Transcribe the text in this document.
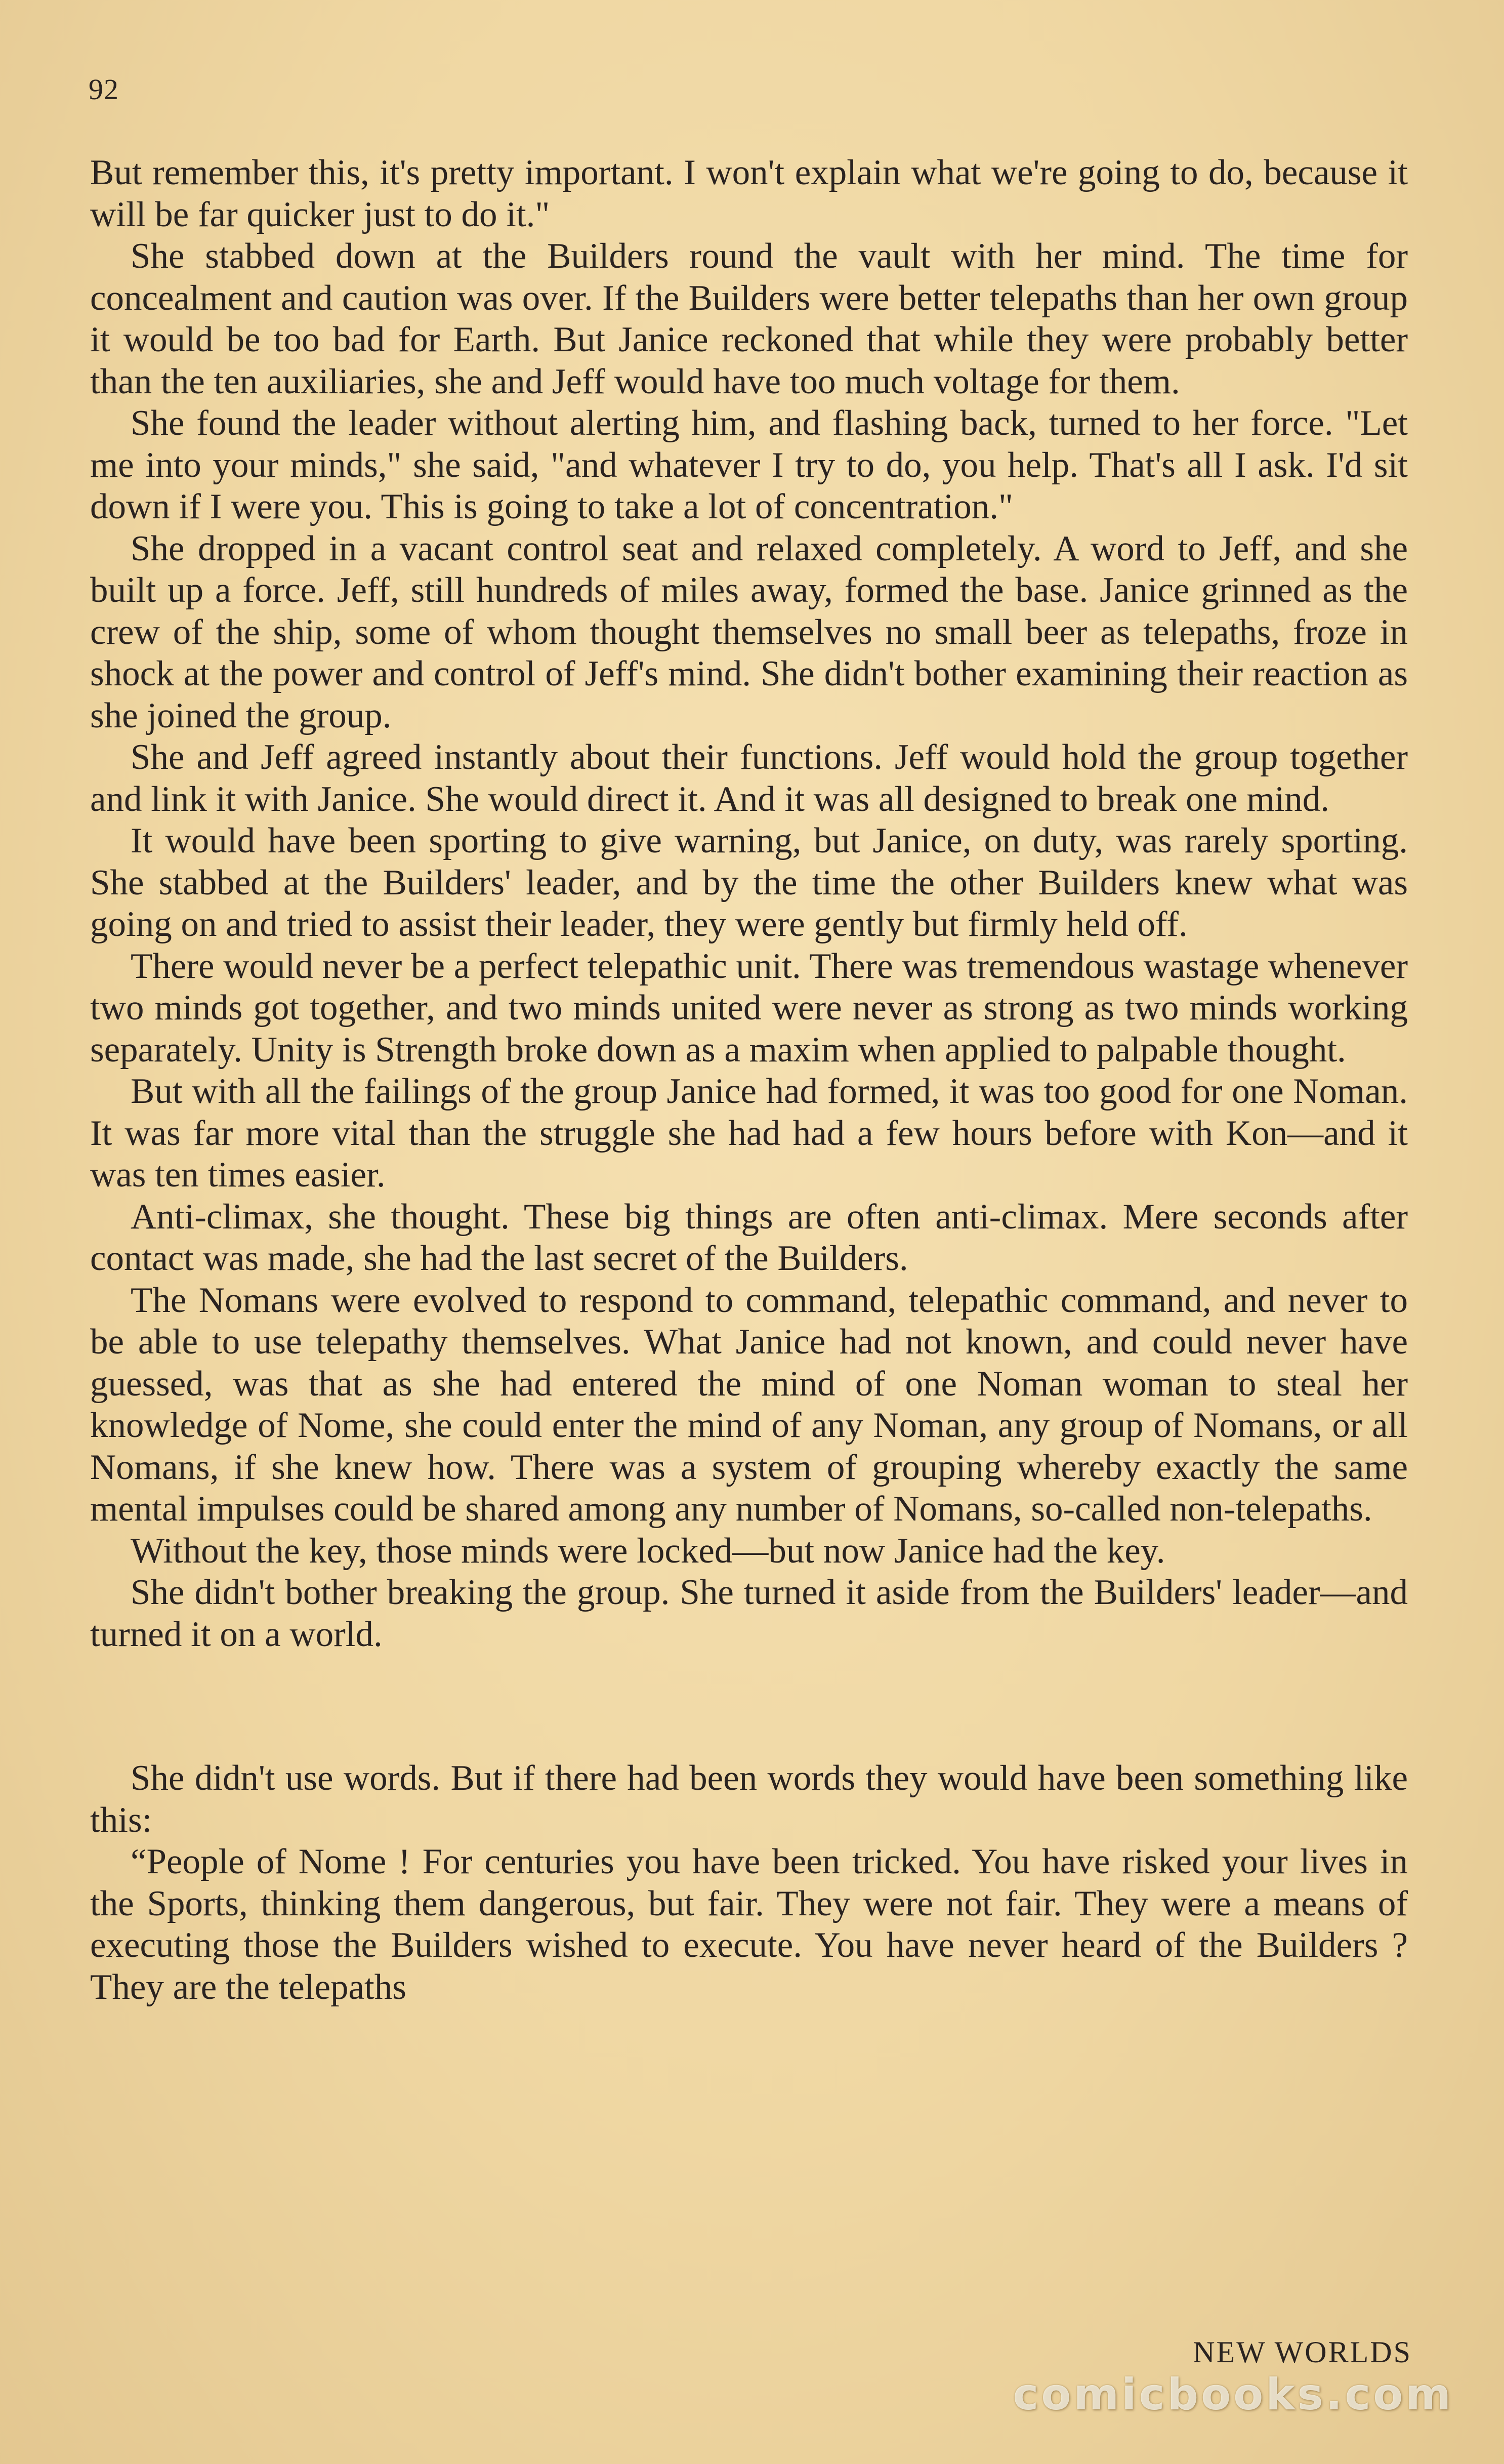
92

But remember this, it's pretty important. I won't explain what we're going to do, because it will be far quicker just to do it."

She stabbed down at the Builders round the vault with her mind. The time for concealment and caution was over. If the Builders were better telepaths than her own group it would be too bad for Earth. But Janice reckoned that while they were probably better than the ten auxiliaries, she and Jeff would have too much voltage for them.

She found the leader without alerting him, and flashing back, turned to her force. "Let me into your minds," she said, "and whatever I try to do, you help. That's all I ask. I'd sit down if I were you. This is going to take a lot of concentration."

She dropped in a vacant control seat and relaxed completely. A word to Jeff, and she built up a force. Jeff, still hundreds of miles away, formed the base. Janice grinned as the crew of the ship, some of whom thought themselves no small beer as telepaths, froze in shock at the power and control of Jeff's mind. She didn't bother examining their reaction as she joined the group.

She and Jeff agreed instantly about their functions. Jeff would hold the group together and link it with Janice. She would direct it. And it was all designed to break one mind.

It would have been sporting to give warning, but Janice, on duty, was rarely sporting. She stabbed at the Builders' leader, and by the time the other Builders knew what was going on and tried to assist their leader, they were gently but firmly held off.

There would never be a perfect telepathic unit. There was tremendous wastage whenever two minds got together, and two minds united were never as strong as two minds working separately. Unity is Strength broke down as a maxim when applied to palpable thought.

But with all the failings of the group Janice had formed, it was too good for one Noman. It was far more vital than the struggle she had had a few hours before with Kon—and it was ten times easier.

Anti-climax, she thought. These big things are often anti-climax. Mere seconds after contact was made, she had the last secret of the Builders.

The Nomans were evolved to respond to command, telepathic command, and never to be able to use telepathy themselves. What Janice had not known, and could never have guessed, was that as she had entered the mind of one Noman woman to steal her knowledge of Nome, she could enter the mind of any Noman, any group of Nomans, or all Nomans, if she knew how. There was a system of grouping whereby exactly the same mental impulses could be shared among any number of Nomans, so-called non-telepaths.

Without the key, those minds were locked—but now Janice had the key.

She didn't bother breaking the group. She turned it aside from the Builders' leader—and turned it on a world.

She didn't use words. But if there had been words they would have been something like this:

“People of Nome ! For centuries you have been tricked. You have risked your lives in the Sports, thinking them dangerous, but fair. They were not fair. They were a means of executing those the Builders wished to execute. You have never heard of the Builders ? They are the telepaths

NEW WORLDS
comicbooks.com
